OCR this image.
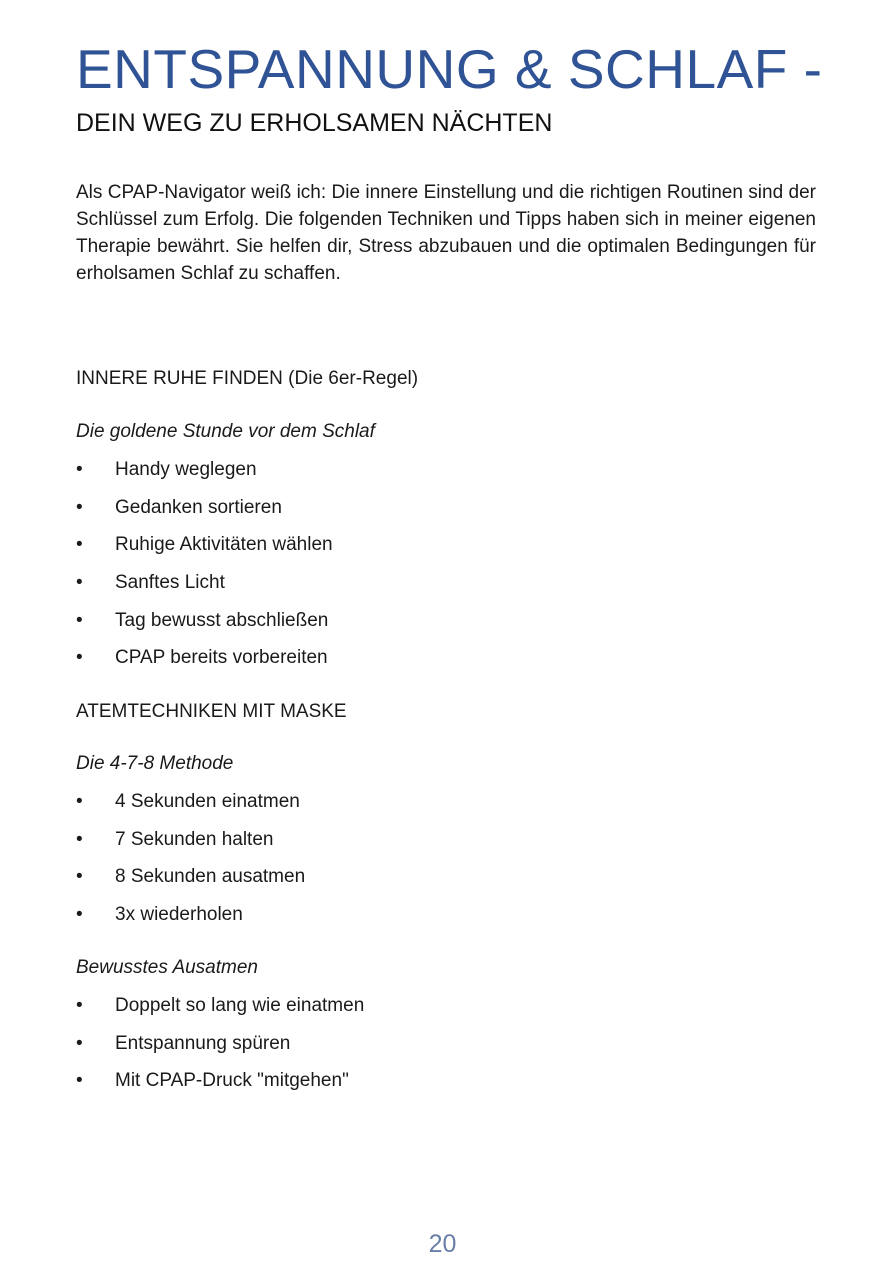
ENTSPANNUNG & SCHLAF -
DEIN WEG ZU ERHOLSAMEN NÄCHTEN

Als CPAP-Navigator weiß ich: Die innere Einstellung und die richtigen Routinen sind der Schlüssel zum Erfolg. Die folgenden Techniken und Tipps haben sich in meiner eigenen Therapie bewährt. Sie helfen dir, Stress abzubauen und die optimalen Bedingungen für erholsamen Schlaf zu schaffen.

INNERE RUHE FINDEN (Die 6er-Regel)
Die goldene Stunde vor dem Schlaf
•	Handy weglegen
•	Gedanken sortieren
•	Ruhige Aktivitäten wählen
•	Sanftes Licht
•	Tag bewusst abschließen
•	CPAP bereits vorbereiten
ATEMTECHNIKEN MIT MASKE
Die 4-7-8 Methode
•	4 Sekunden einatmen
•	7 Sekunden halten
•	8 Sekunden ausatmen
•	3x wiederholen
Bewusstes Ausatmen
•	Doppelt so lang wie einatmen
•	Entspannung spüren
•	Mit CPAP-Druck "mitgehen"
20
